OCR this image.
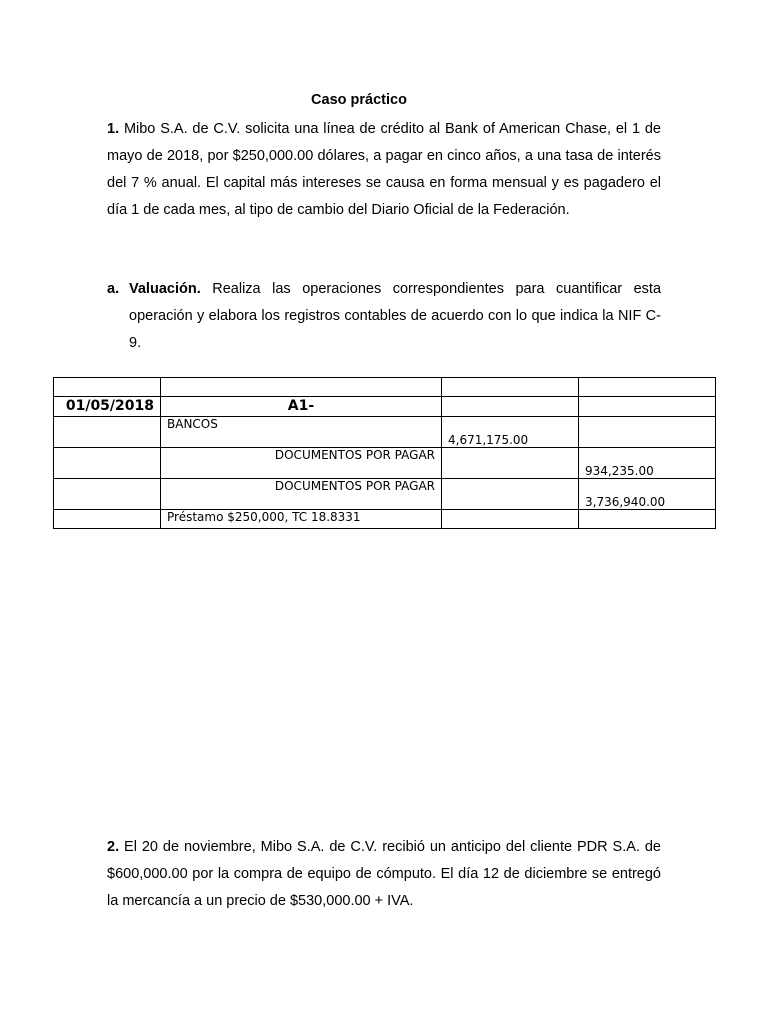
Caso práctico
1. Mibo S.A. de C.V. solicita una línea de crédito al Bank of American Chase, el 1 de mayo de 2018, por $250,000.00 dólares, a pagar en cinco años, a una tasa de interés del 7 % anual. El capital más intereses se causa en forma mensual y es pagadero el día 1 de cada mes, al tipo de cambio del Diario Oficial de la Federación.
a. Valuación. Realiza las operaciones correspondientes para cuantificar esta operación y elabora los registros contables de acuerdo con lo que indica la NIF C-9.

01/05/2018	A1-		
	BANCOS	4,671,175.00	

	DOCUMENTOS POR PAGAR		934,235.00

	DOCUMENTOS POR PAGAR		3,736,940.00

	Préstamo $250,000, TC 18.8331		
2. El 20 de noviembre, Mibo S.A. de C.V. recibió un anticipo del cliente PDR S.A. de $600,000.00 por la compra de equipo de cómputo. El día 12 de diciembre se entregó la mercancía a un precio de $530,000.00 + IVA.
